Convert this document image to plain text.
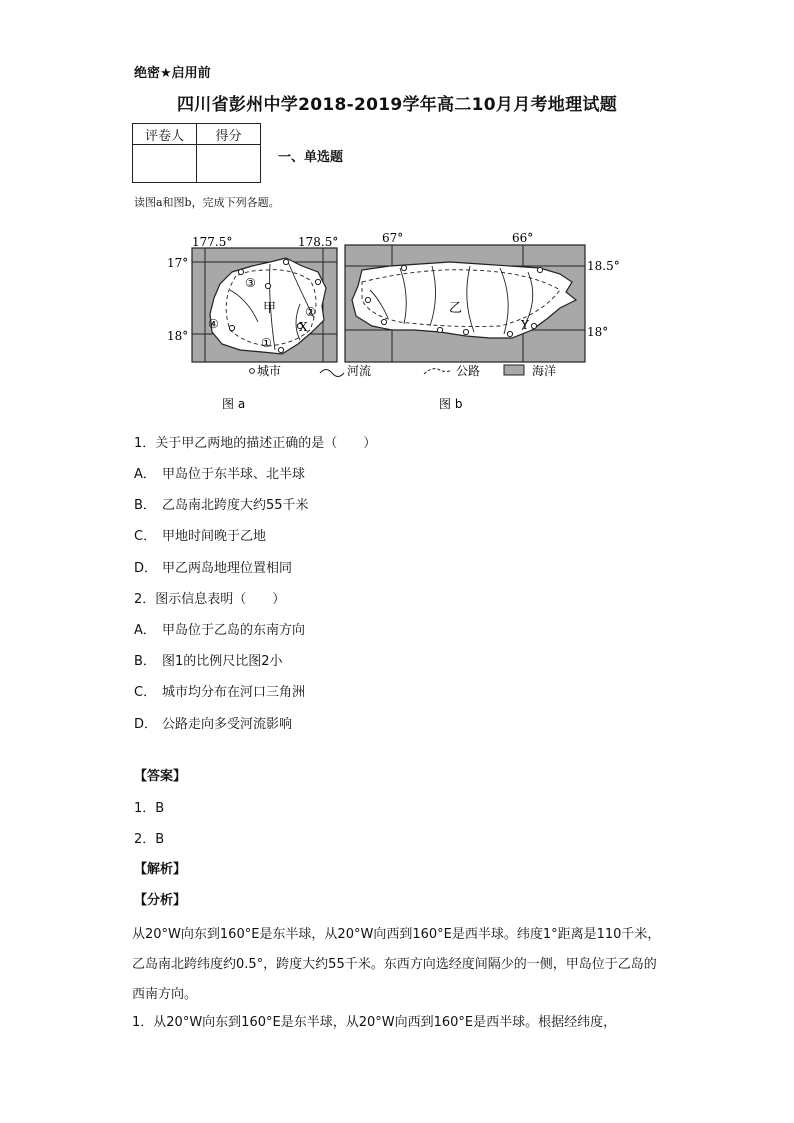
绝密★启用前
四川省彭州中学2018-2019学年高二10月月考地理试题
评卷人	得分

一、单选题
读图a和图b，完成下列各题。
177.5°	178.5°
17°
18°
甲
X
③
②
④
①
67°	66°
18.5°
18°
乙
Y
城市	河流	公路	海洋
图 a	图 b
1．关于甲乙两地的描述正确的是（　　）
A． 甲岛位于东半球、北半球
B． 乙岛南北跨度大约55千米
C． 甲地时间晚于乙地
D． 甲乙两岛地理位置相同
2．图示信息表明（　　）
A． 甲岛位于乙岛的东南方向
B． 图1的比例尺比图2小
C． 城市均分布在河口三角洲
D． 公路走向多受河流影响
【答案】
1．B
2．B
【解析】
【分析】
从20°W向东到160°E是东半球，从20°W向西到160°E是西半球。纬度1°距离是110千米，乙岛南北跨纬度约0.5°，跨度大约55千米。东西方向选经度间隔少的一侧，甲岛位于乙岛的西南方向。
1．从20°W向东到160°E是东半球，从20°W向西到160°E是西半球。根据经纬度，
